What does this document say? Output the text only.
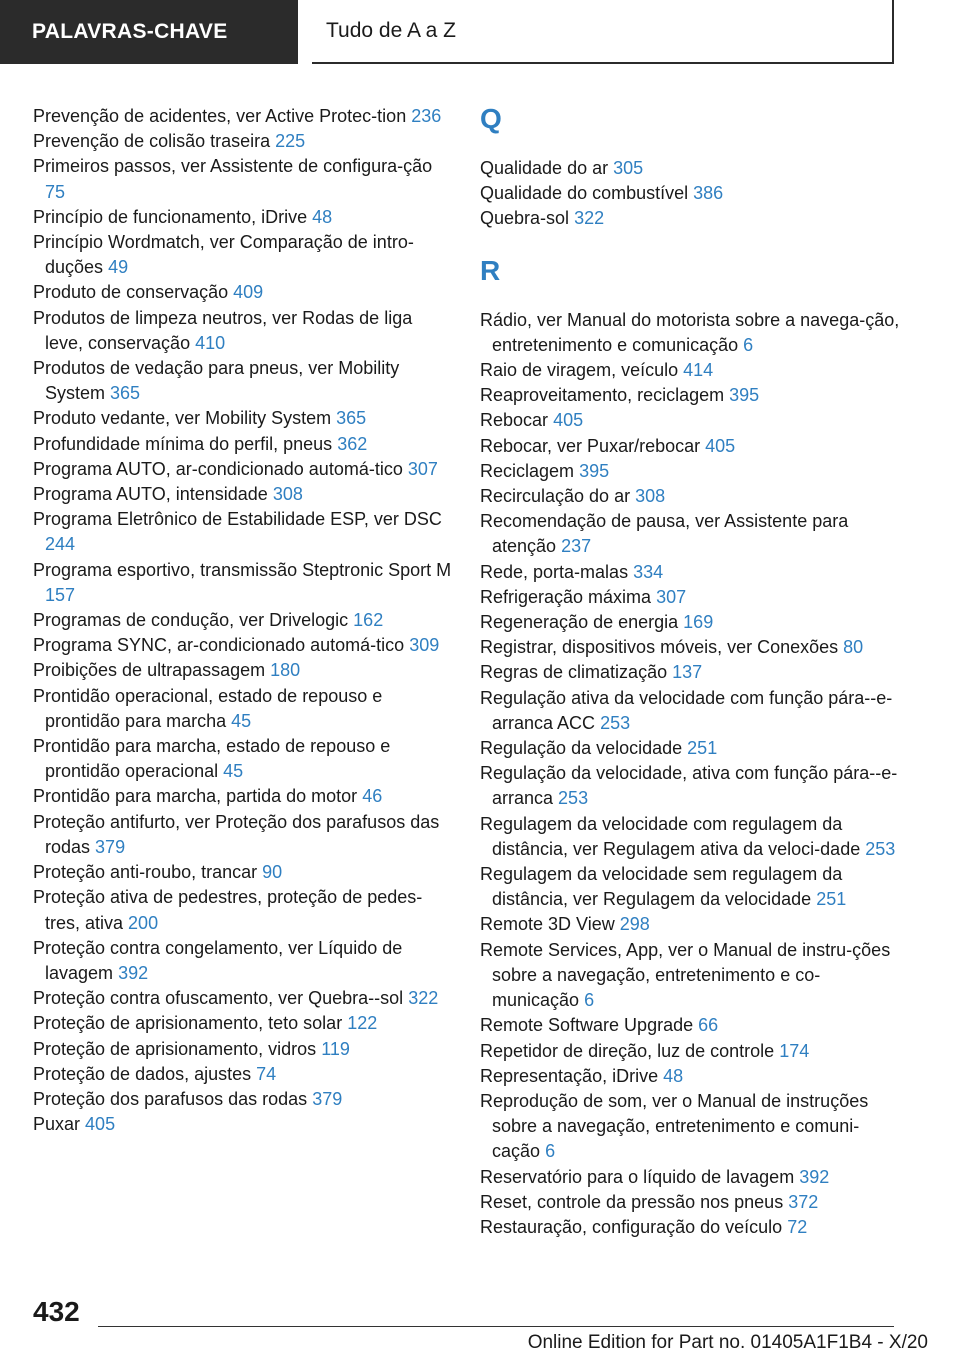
PALAVRAS-CHAVE	Tudo de A a Z
Prevenção de acidentes, ver Active Protec‐tion 236
Prevenção de colisão traseira 225
Primeiros passos, ver Assistente de configura‐ção 75
Princípio de funcionamento, iDrive 48
Princípio Wordmatch, ver Comparação de intro‐duções 49
Produto de conservação 409
Produtos de limpeza neutros, ver Rodas de liga leve, conservação 410
Produtos de vedação para pneus, ver Mobility System 365
Produto vedante, ver Mobility System 365
Profundidade mínima do perfil, pneus 362
Programa AUTO, ar-condicionado automá‐tico 307
Programa AUTO, intensidade 308
Programa Eletrônico de Estabilidade ESP, ver DSC 244
Programa esportivo, transmissão Steptronic Sport M 157
Programas de condução, ver Drivelogic 162
Programa SYNC, ar-condicionado automá‐tico 309
Proibições de ultrapassagem 180
Prontidão operacional, estado de repouso e prontidão para marcha 45
Prontidão para marcha, estado de repouso e prontidão operacional 45
Prontidão para marcha, partida do motor 46
Proteção antifurto, ver Proteção dos parafusos das rodas 379
Proteção anti-roubo, trancar 90
Proteção ativa de pedestres, proteção de pedes‐tres, ativa 200
Proteção contra congelamento, ver Líquido de lavagem 392
Proteção contra ofuscamento, ver Quebra-‐sol 322
Proteção de aprisionamento, teto solar 122
Proteção de aprisionamento, vidros 119
Proteção de dados, ajustes 74
Proteção dos parafusos das rodas 379
Puxar 405
Q
Qualidade do ar 305
Qualidade do combustível 386
Quebra-sol 322
R
Rádio, ver Manual do motorista sobre a navega‐ção, entretenimento e comunicação 6
Raio de viragem, veículo 414
Reaproveitamento, reciclagem 395
Rebocar 405
Rebocar, ver Puxar/rebocar 405
Reciclagem 395
Recirculação do ar 308
Recomendação de pausa, ver Assistente para atenção 237
Rede, porta-malas 334
Refrigeração máxima 307
Regeneração de energia 169
Registrar, dispositivos móveis, ver Conexões 80
Regras de climatização 137
Regulação ativa da velocidade com função pára-‐e-arranca ACC 253
Regulação da velocidade 251
Regulação da velocidade, ativa com função pára-‐e-arranca 253
Regulagem da velocidade com regulagem da distância, ver Regulagem ativa da veloci‐dade 253
Regulagem da velocidade sem regulagem da distância, ver Regulagem da velocidade 251
Remote 3D View 298
Remote Services, App, ver o Manual de instru‐ções sobre a navegação, entretenimento e co‐municação 6
Remote Software Upgrade 66
Repetidor de direção, luz de controle 174
Representação, iDrive 48
Reprodução de som, ver o Manual de instruções sobre a navegação, entretenimento e comuni‐cação 6
Reservatório para o líquido de lavagem 392
Reset, controle da pressão nos pneus 372
Restauração, configuração do veículo 72
432
Online Edition for Part no. 01405A1F1B4 - X/20
